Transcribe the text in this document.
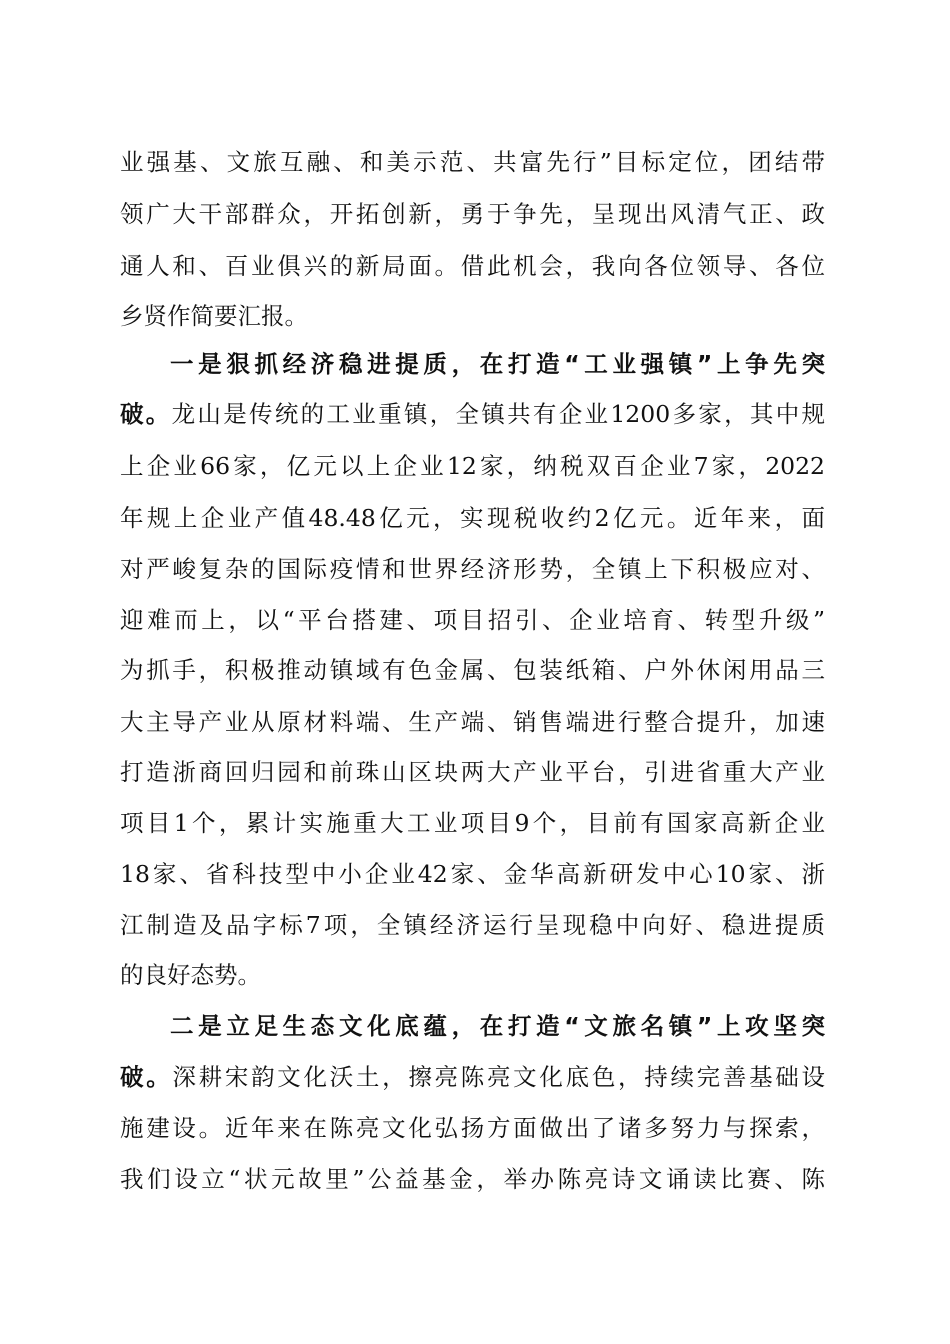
业强基、文旅互融、和美示范、共富先行”目标定位，团结带
领广大干部群众，开拓创新，勇于争先，呈现出风清气正、政
通人和、百业俱兴的新局面。借此机会，我向各位领导、各位
乡贤作简要汇报。
一是狠抓经济稳进提质，在打造“工业强镇”上争先突
破。龙山是传统的工业重镇，全镇共有企业1200多家，其中规
上企业66家，亿元以上企业12家，纳税双百企业7家，2022
年规上企业产值48.48亿元，实现税收约2亿元。近年来，面
对严峻复杂的国际疫情和世界经济形势，全镇上下积极应对、
迎难而上，以“平台搭建、项目招引、企业培育、转型升级”
为抓手，积极推动镇域有色金属、包装纸箱、户外休闲用品三
大主导产业从原材料端、生产端、销售端进行整合提升，加速
打造浙商回归园和前珠山区块两大产业平台，引进省重大产业
项目1个，累计实施重大工业项目9个，目前有国家高新企业
18家、省科技型中小企业42家、金华高新研发中心10家、浙
江制造及品字标7项，全镇经济运行呈现稳中向好、稳进提质
的良好态势。
二是立足生态文化底蕴，在打造“文旅名镇”上攻坚突
破。深耕宋韵文化沃土，擦亮陈亮文化底色，持续完善基础设
施建设。近年来在陈亮文化弘扬方面做出了诸多努力与探索，
我们设立“状元故里”公益基金，举办陈亮诗文诵读比赛、陈
